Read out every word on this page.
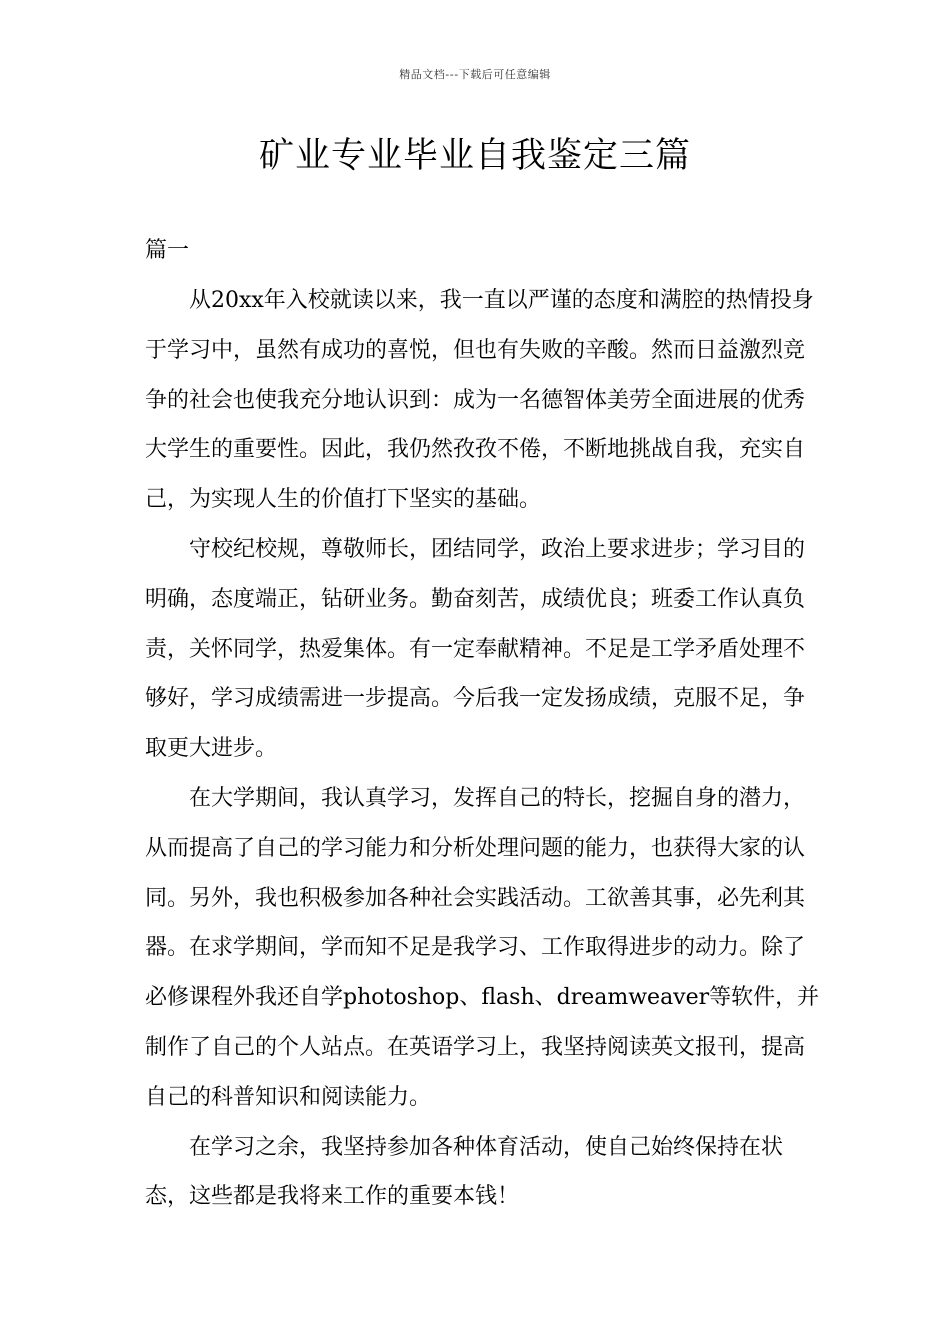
精品文档---下载后可任意编辑
矿业专业毕业自我鉴定三篇
篇一

从20xx年入校就读以来，我一直以严谨的态度和满腔的热情投身于学习中，虽然有成功的喜悦，但也有失败的辛酸。然而日益激烈竞争的社会也使我充分地认识到：成为一名德智体美劳全面进展的优秀大学生的重要性。因此，我仍然孜孜不倦，不断地挑战自我，充实自己，为实现人生的价值打下坚实的基础。

守校纪校规，尊敬师长，团结同学，政治上要求进步；学习目的明确，态度端正，钻研业务。勤奋刻苦，成绩优良；班委工作认真负责，关怀同学，热爱集体。有一定奉献精神。不足是工学矛盾处理不够好，学习成绩需进一步提高。今后我一定发扬成绩，克服不足，争取更大进步。

在大学期间，我认真学习，发挥自己的特长，挖掘自身的潜力，从而提高了自己的学习能力和分析处理问题的能力，也获得大家的认同。另外，我也积极参加各种社会实践活动。工欲善其事，必先利其器。在求学期间，学而知不足是我学习、工作取得进步的动力。除了必修课程外我还自学photoshop、flash、dreamweaver等软件，并制作了自己的个人站点。在英语学习上，我坚持阅读英文报刊，提高自己的科普知识和阅读能力。

在学习之余，我坚持参加各种体育活动，使自己始终保持在状态，这些都是我将来工作的重要本钱！
